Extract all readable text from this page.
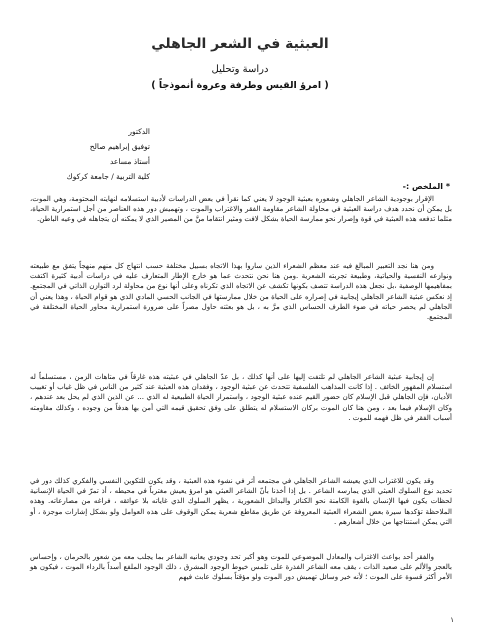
العبثية في الشعر الجاهلي
دراسة وتحليل
( امرؤ القيس وطرفة وعروة أنموذجاً )
الدكتور
توفيق إبراهيم صالح
أستاذ مساعد
كلية التربية / جامعة كركوك
* الملخص :-

الإقرار بوجودية الشاعر الجاهلي وشعوره بعبثية الوجود لا يعني كما نقرأ في بعض الدراسات لأدبية استسلامه لنهايته المحتومة، وهي الموت، بل يمكن أن نحدد هدف دراسة العبثية في محاولة الشاعر مقاومة الفقر والاغتراب والموت ، وتهميش دور هذه العناصر من أجل استمرارية الحياة، مثلما تدفعه هذه العبثية في قوة وإصرار نحو ممارسة الحياة بشكل لافت ومثير انتقاما منَّ من المصير الذي لا يمكنه أن يتجاهله في وعيه الباطن.

ومن هنا نجد التعبير المبالغ فيه عند معظم الشعراء الذين ساروا بهذا الاتجاه بسبيل مختلفة حسب انتهاج كل منهم منهجاً يتفق مع طبيعته ونوازعه النفسية والحياتية، وطبيعة تجربته الشعرية .ومن هنا نحن نتحدث عما هو خارج الإطار المتعارف عليه في دراسات أدبية كثيرة اكتفت بمفاهيمها الوصفية ،بل نجعل هذه الدراسة تتصف بكونها تكشف عن الاتجاه الذي تكرناه وعلى أنها نوع من محاولة لرد التوازن الذاتي في المجتمع. إذ نعكس عبثية الشاعر الجاهلي إيجابية في إصراره على الحياة من خلال ممارستها في الجانب الحسي المادي الذي هو قوام الحياة ، وهذا يعني أن الجاهلي لم يحصر حياته في ضوء الطرف الحساس الذي مرَّ به ، بل هو بعثته حاول مصراً على ضرورة استمرارية محاور الحياة المختلفة في المجتمع.

إن إيجابية عبثية الشاعر الجاهلي لم تلتفت إليها على أنها كذلك ، بل عدّ الجاهلي في عبثيته هذه غارقاً في متاهات الزمن ، مستسلماً له استسلام المقهور الخائف . إذا كانت المذاهب الفلسفية تتحدث عن عبثية الوجود ، وفقدان هذه العبثية عند كثير من الناس في ظل غياب أو تغييب الأديان، فإن الجاهلي قبل الإسلام كان حضور القيم عنده عبثية الوجود ، واستمرار الحياة الطبيعية له الذي ... عن الذين الذي لم يحل بعد عندهم ، وكان الإسلام فيما بعد ، ومن هنا كان الموت بركان الاستسلام له يتطلق على وفق تحقيق قيمه التي أمن بها هدفاً من وجوده ، وكذلك مقاومته أسباب الفقر في ظل فهمه للموت .

وقد يكون للاغتراب الذي يعيشه الشاعر الجاهلي في مجتمعه أثر في نشوء هذه العبثية ، وقد يكون للتكوين النفسي والفكري كذلك دور في تحديد نوع السلوك العبثي الذي يمارسه الشاعر . بل إذا أخذنا بأنّ الشاعر العبثي هو امرؤ يعيش مغترباً في محيطه ، أذ تمرّ في الحياة الإنسانية لحظات يكون فيها الإنسان بالقوة الكامنة نحو الكنائز والبدائل الشعورية ، يظهر السلوك الذي غاياته بلا عوائقه ، فراغه من مصارعاته. وهذه الملاحظة تؤكدها سيرة بعض الشعراء العبثية المعروفة عن طريق مقاطع شعرية يمكن الوقوف على هذه العوامل ولو بشكل إشارات موجزة ، أو التي يمكن استنتاجها من خلال أشعارهم .

والفقر أحد بواعث الاغتراب والمعادل الموضوعي للموت وهو أكبر تحد وجودي يعانيه الشاعر بما يجلب معه من شعور بالحرمان ، وإحساس بالعجز والألم على صعيد الذات ، يقف معه الشاعر الفذرة على تلمس خيوط الوجود المشرق ، ذلك الوجود الملفع أسداً بالرداء الموت ، فيكون هو الأمر أكثر قسوة على الموت ؛ لأنه خير وسائل تهميش دور الموت ولو مؤقتاً بسلوك عابث فيهم

١
